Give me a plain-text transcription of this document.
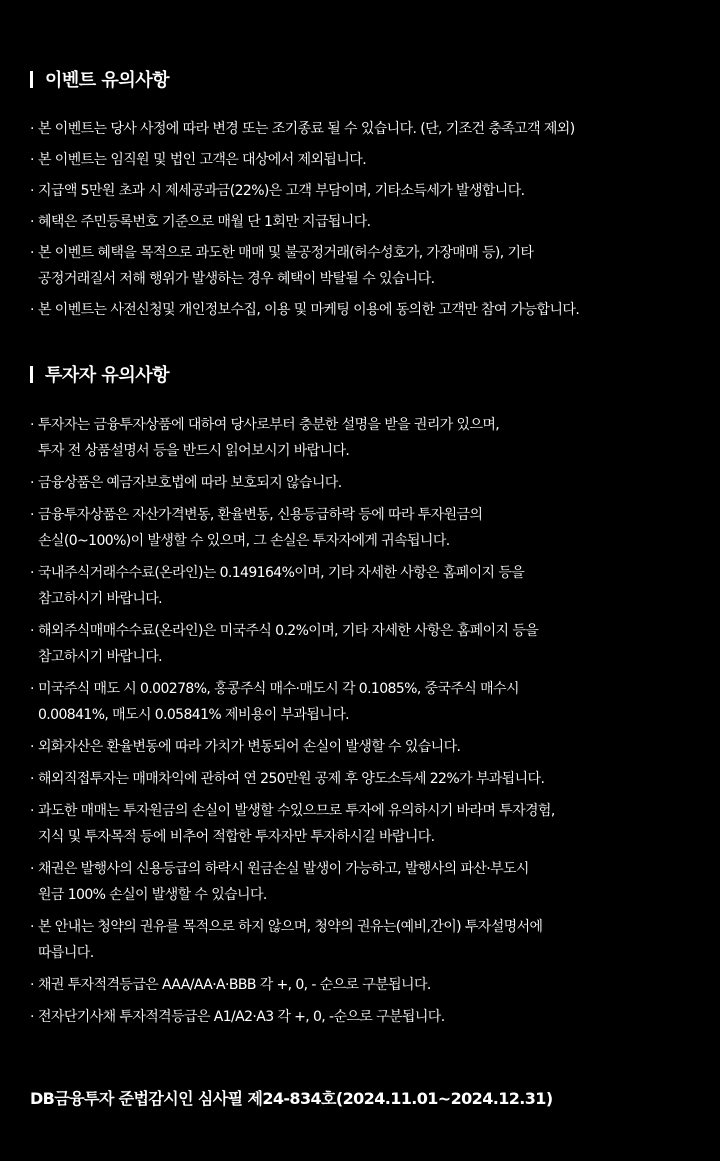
이벤트 유의사항
· 본 이벤트는 당사 사정에 따라 변경 또는 조기종료 될 수 있습니다. (단, 기조건 충족고객 제외)
· 본 이벤트는 임직원 및 법인 고객은 대상에서 제외됩니다.
· 지급액 5만원 초과 시 제세공과금(22%)은 고객 부담이며, 기타소득세가 발생합니다.
· 혜택은 주민등록번호 기준으로 매월 단 1회만 지급됩니다.
· 본 이벤트 혜택을 목적으로 과도한 매매 및 불공정거래(허수성호가, 가장매매 등), 기타
공정거래질서 저해 행위가 발생하는 경우 혜택이 박탈될 수 있습니다.
· 본 이벤트는 사전신청및 개인정보수집, 이용 및 마케팅 이용에 동의한 고객만 참여 가능합니다.
투자자 유의사항
· 투자자는 금융투자상품에 대하여 당사로부터 충분한 설명을 받을 권리가 있으며,
투자 전 상품설명서 등을 반드시 읽어보시기 바랍니다.
· 금융상품은 예금자보호법에 따라 보호되지 않습니다.
· 금융투자상품은 자산가격변동, 환율변동, 신용등급하락 등에 따라 투자원금의
손실(0~100%)이 발생할 수 있으며, 그 손실은 투자자에게 귀속됩니다.
· 국내주식거래수수료(온라인)는 0.149164%이며, 기타 자세한 사항은 홈페이지 등을
참고하시기 바랍니다.
· 해외주식매매수수료(온라인)은 미국주식 0.2%이며, 기타 자세한 사항은 홈페이지 등을
참고하시기 바랍니다.
· 미국주식 매도 시 0.00278%, 홍콩주식 매수·매도시 각 0.1085%, 중국주식 매수시
0.00841%, 매도시 0.05841% 제비용이 부과됩니다.
· 외화자산은 환율변동에 따라 가치가 변동되어 손실이 발생할 수 있습니다.
· 해외직접투자는 매매차익에 관하여 연 250만원 공제 후 양도소득세 22%가 부과됩니다.
· 과도한 매매는 투자원금의 손실이 발생할 수있으므로 투자에 유의하시기 바라며 투자경험,
지식 및 투자목적 등에 비추어 적합한 투자자만 투자하시길 바랍니다.
· 채권은 발행사의 신용등급의 하락시 원금손실 발생이 가능하고, 발행사의 파산·부도시
원금 100% 손실이 발생할 수 있습니다.
· 본 안내는 청약의 권유를 목적으로 하지 않으며, 청약의 권유는(예비,간이) 투자설명서에
따릅니다.
· 채권 투자적격등급은 AAA/AA·A·BBB 각 +, 0, - 순으로 구분됩니다.
· 전자단기사채 투자적격등급은 A1/A2·A3 각 +, 0, -순으로 구분됩니다.
DB금융투자 준법감시인 심사필 제24-834호(2024.11.01~2024.12.31)
